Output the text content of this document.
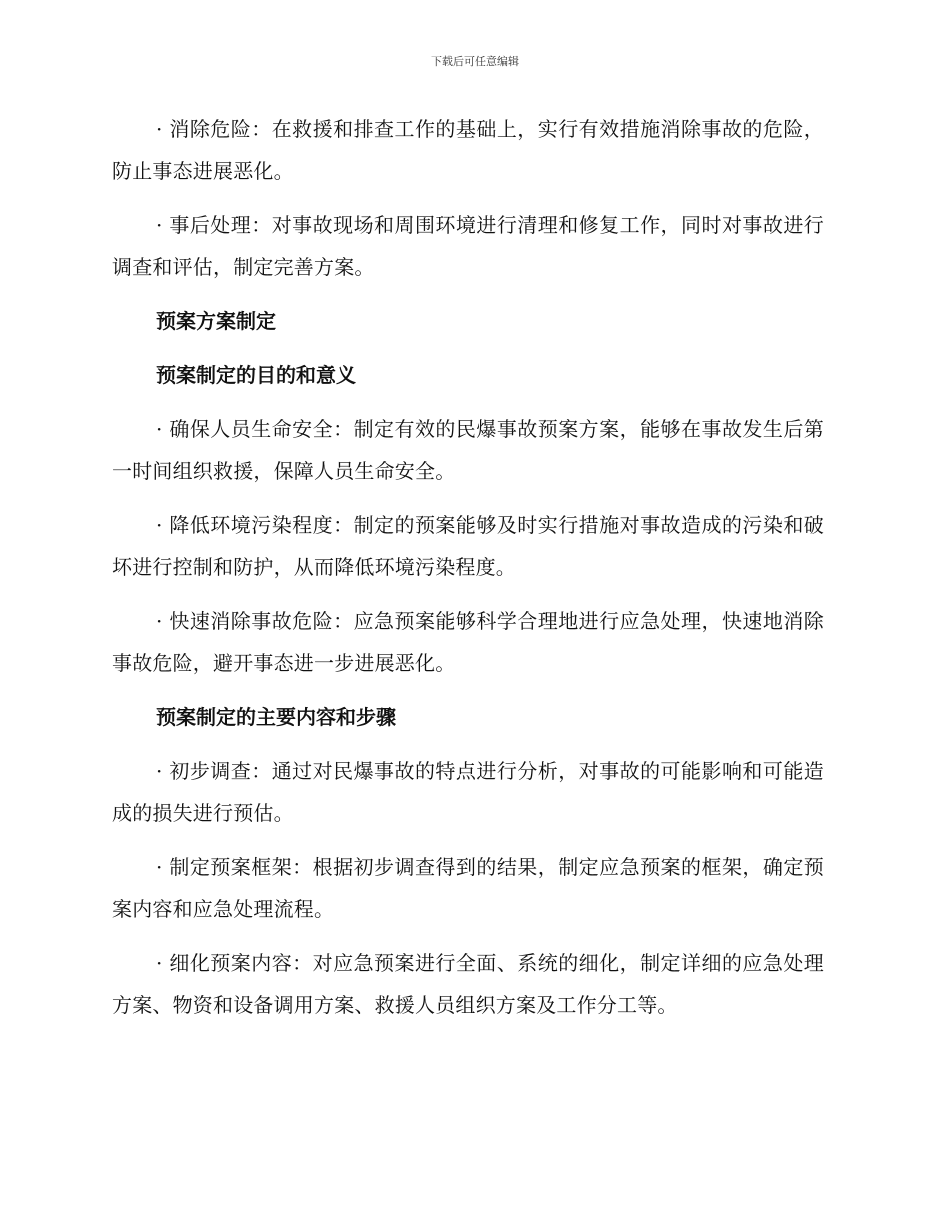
下载后可任意编辑

· 消除危险：在救援和排查工作的基础上，实行有效措施消除事故的危险，防止事态进展恶化。

· 事后处理：对事故现场和周围环境进行清理和修复工作，同时对事故进行调查和评估，制定完善方案。

预案方案制定
预案制定的目的和意义

· 确保人员生命安全：制定有效的民爆事故预案方案，能够在事故发生后第一时间组织救援，保障人员生命安全。

· 降低环境污染程度：制定的预案能够及时实行措施对事故造成的污染和破坏进行控制和防护，从而降低环境污染程度。

· 快速消除事故危险：应急预案能够科学合理地进行应急处理，快速地消除事故危险，避开事态进一步进展恶化。

预案制定的主要内容和步骤

· 初步调查：通过对民爆事故的特点进行分析，对事故的可能影响和可能造成的损失进行预估。

· 制定预案框架：根据初步调查得到的结果，制定应急预案的框架，确定预案内容和应急处理流程。

· 细化预案内容：对应急预案进行全面、系统的细化，制定详细的应急处理方案、物资和设备调用方案、救援人员组织方案及工作分工等。
